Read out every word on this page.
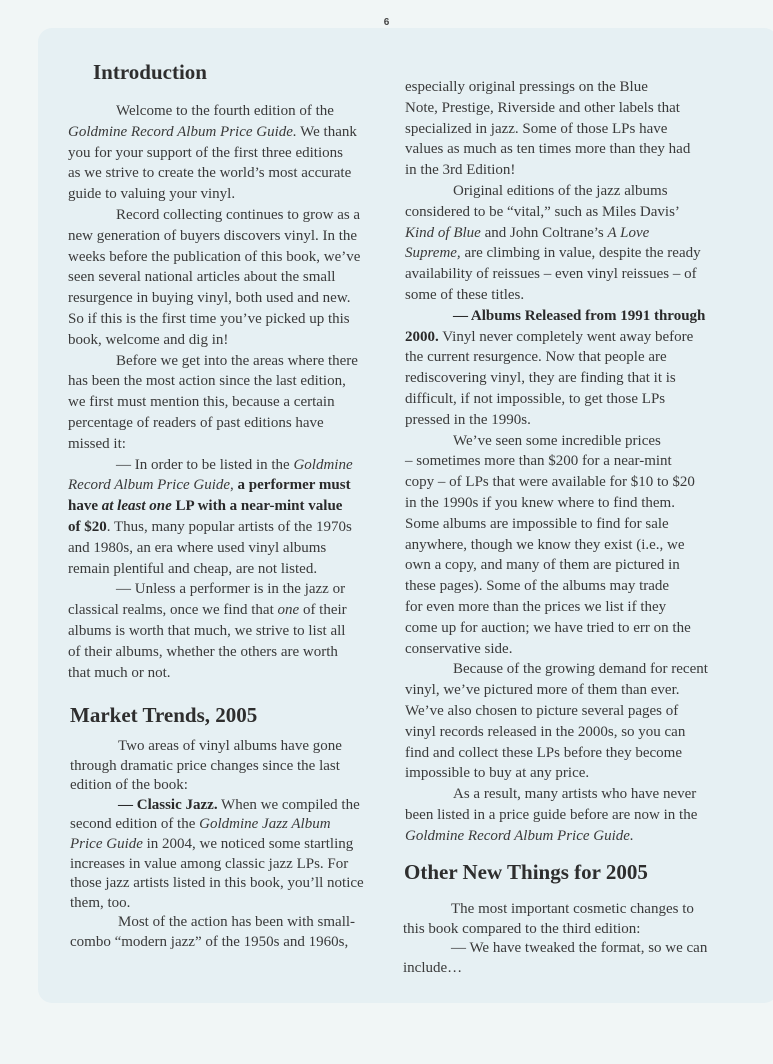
6
Introduction
Welcome to the fourth edition of the
Goldmine Record Album Price Guide. We thank
you for your support of the first three editions
as we strive to create the world’s most accurate
guide to valuing your vinyl.
Record collecting continues to grow as a
new generation of buyers discovers vinyl. In the
weeks before the publication of this book, we’ve
seen several national articles about the small
resurgence in buying vinyl, both used and new.
So if this is the first time you’ve picked up this
book, welcome and dig in!
Before we get into the areas where there
has been the most action since the last edition,
we first must mention this, because a certain
percentage of readers of past editions have
missed it:
— In order to be listed in the Goldmine
Record Album Price Guide, a performer must
have at least one LP with a near-mint value
of $20. Thus, many popular artists of the 1970s
and 1980s, an era where used vinyl albums
remain plentiful and cheap, are not listed.
— Unless a performer is in the jazz or
classical realms, once we find that one of their
albums is worth that much, we strive to list all
of their albums, whether the others are worth
that much or not.
Market Trends, 2005
Two areas of vinyl albums have gone
through dramatic price changes since the last
edition of the book:
— Classic Jazz. When we compiled the
second edition of the Goldmine Jazz Album
Price Guide in 2004, we noticed some startling
increases in value among classic jazz LPs. For
those jazz artists listed in this book, you’ll notice
them, too.
Most of the action has been with small-
combo “modern jazz” of the 1950s and 1960s,
especially original pressings on the Blue
Note, Prestige, Riverside and other labels that
specialized in jazz. Some of those LPs have
values as much as ten times more than they had
in the 3rd Edition!
Original editions of the jazz albums
considered to be “vital,” such as Miles Davis’
Kind of Blue and John Coltrane’s A Love
Supreme, are climbing in value, despite the ready
availability of reissues – even vinyl reissues – of
some of these titles.
— Albums Released from 1991 through
2000. Vinyl never completely went away before
the current resurgence. Now that people are
rediscovering vinyl, they are finding that it is
difficult, if not impossible, to get those LPs
pressed in the 1990s.
We’ve seen some incredible prices
– sometimes more than $200 for a near-mint
copy – of LPs that were available for $10 to $20
in the 1990s if you knew where to find them.
Some albums are impossible to find for sale
anywhere, though we know they exist (i.e., we
own a copy, and many of them are pictured in
these pages). Some of the albums may trade
for even more than the prices we list if they
come up for auction; we have tried to err on the
conservative side.
Because of the growing demand for recent
vinyl, we’ve pictured more of them than ever.
We’ve also chosen to picture several pages of
vinyl records released in the 2000s, so you can
find and collect these LPs before they become
impossible to buy at any price.
As a result, many artists who have never
been listed in a price guide before are now in the
Goldmine Record Album Price Guide.
Other New Things for 2005
The most important cosmetic changes to
this book compared to the third edition:
— We have tweaked the format, so we can
include…
